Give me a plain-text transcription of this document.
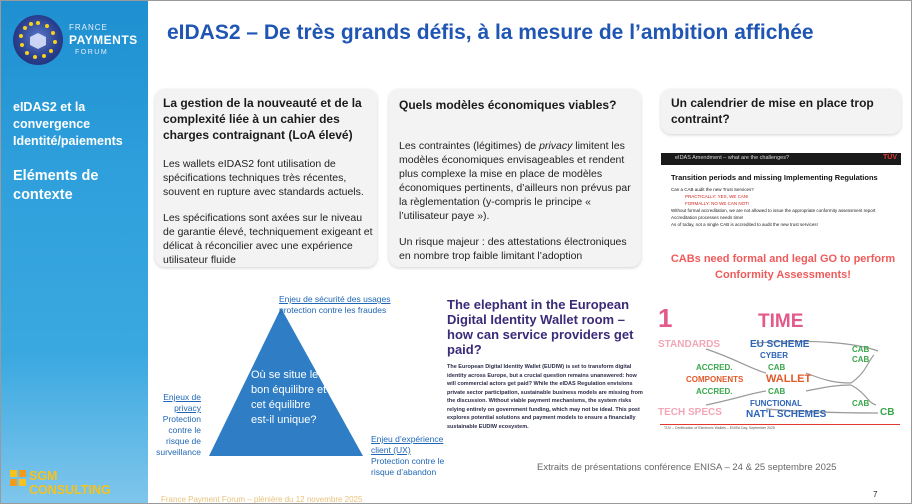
FRANCE
PAYMENTS
FORUM
eIDAS2 et la convergence Identité/paiements
Eléments de contexte
SGM
CONSULTING
eIDAS2 – De très grands défis, à la mesure de l’ambition affichée
La gestion de la nouveauté et de la complexité liée à un cahier des charges contraignant (LoA élevé)

Les wallets eIDAS2 font utilisation de spécifications techniques très récentes, souvent en rupture avec standards actuels.

Les spécifications sont axées sur le niveau de garantie élevé, techniquement exigeant et délicat à réconcilier avec une expérience utilisateur fluide

Quels modèles économiques viables?

Les contraintes (légitimes) de privacy limitent les modèles économiques envisageables et rendent plus complexe la mise en place de modèles économiques pertinents, d’ailleurs non prévus par la règlementation (y-compris le principe « l’utilisateur paye »).

Un risque majeur : des attestations électroniques en nombre trop faible limitant l’adoption

Un calendrier de mise en place trop contraint?
Enjeu de sécurité des usages
protection contre les fraudes
Enjeux de privacy
Protection contre le risque de surveillance
Enjeu d’expérience client (UX)
Protection contre le risque d’abandon
Où se situe le bon équilibre et cet équilibre est-il unique?
The elephant in the European Digital Identity Wallet room – how can service providers get paid?
The European Digital Identity Wallet (EUDIW) is set to transform digital identity across Europe, but a crucial question remains unanswered: how will commercial actors get paid? While the eIDAS Regulation envisions private sector participation, sustainable business models are missing from the discussion. Without viable payment mechanisms, the system risks relying entirely on government funding, which may not be ideal. This post explores potential solutions and payment models to ensure a financially sustainable EUDIW ecosystem.
eIDAS Amendment – what are the challenges?	TÜV
Transition periods and missing Implementing Regulations
Can a CAB audit the new Trust Services?
PRACTICALLY: YES, WE CAN!
FORMALLY: NO WE CAN NOT!
Without formal accreditation, we are not allowed to issue the appropriate conformity assessment report
Accreditation processes needs time!
As of today, not a single CAB is accredited to audit the new trust services!
CABs need formal and legal GO to perform Conformity Assessments!
1	TIME
STANDARDS	EU SCHEME
CYBER
ACCRED.	CAB
COMPONENTS WALLET
ACCRED.	CAB
FUNCTIONAL
TECH SPECS NAT'L SCHEMES
CAB
CAB
CAB
CB
TÜV – Certification of Electronic Wallets – ENISA Day, September 2025
Extraits de présentations conférence ENISA – 24 & 25 septembre 2025
7
France Payment Forum – plénière du 12 novembre 2025
